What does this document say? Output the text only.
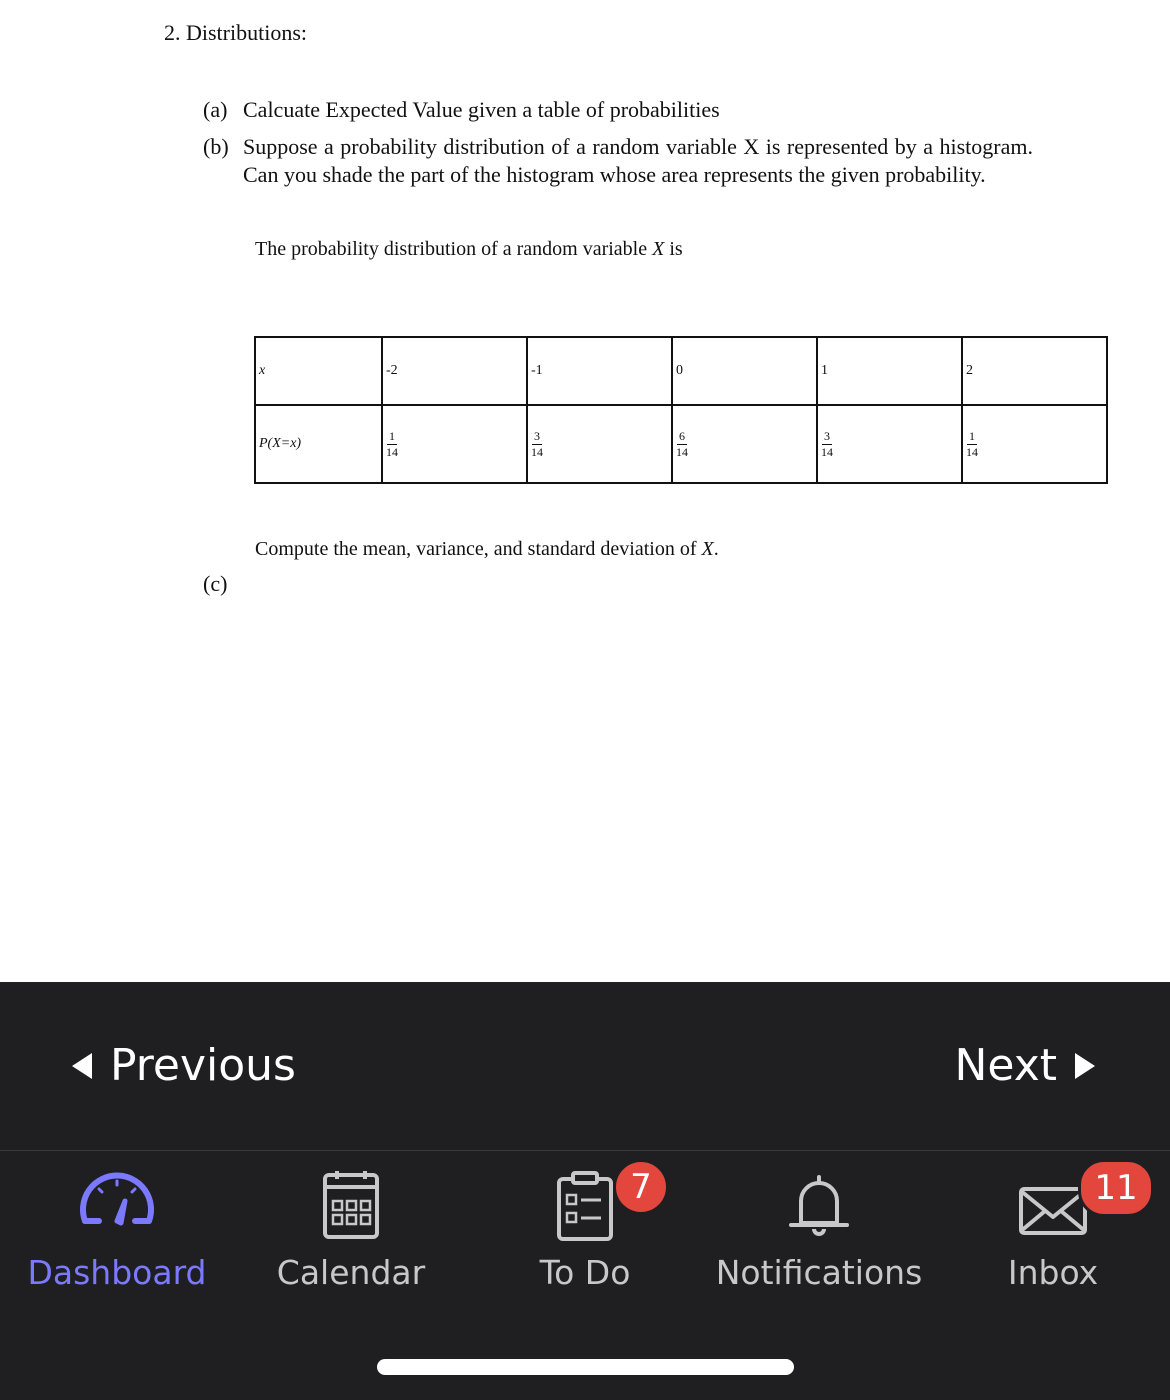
2. Distributions:
(a) Calcuate Expected Value given a table of probabilities
(b) Suppose a probability distribution of a random variable X is represented by a histogram. Can you shade the part of the histogram whose area represents the given probability.
The probability distribution of a random variable X is
x	-2	-1	0	1	2
P(X=x)	$\frac{1}{14}$	$\frac{3}{14}$	$\frac{6}{14}$	$\frac{3}{14}$	$\frac{1}{14}$
Compute the mean, variance, and standard deviation of X.
(c)
Previous	Next
Dashboard	Calendar	To Do
7
Notifications	Inbox
11
